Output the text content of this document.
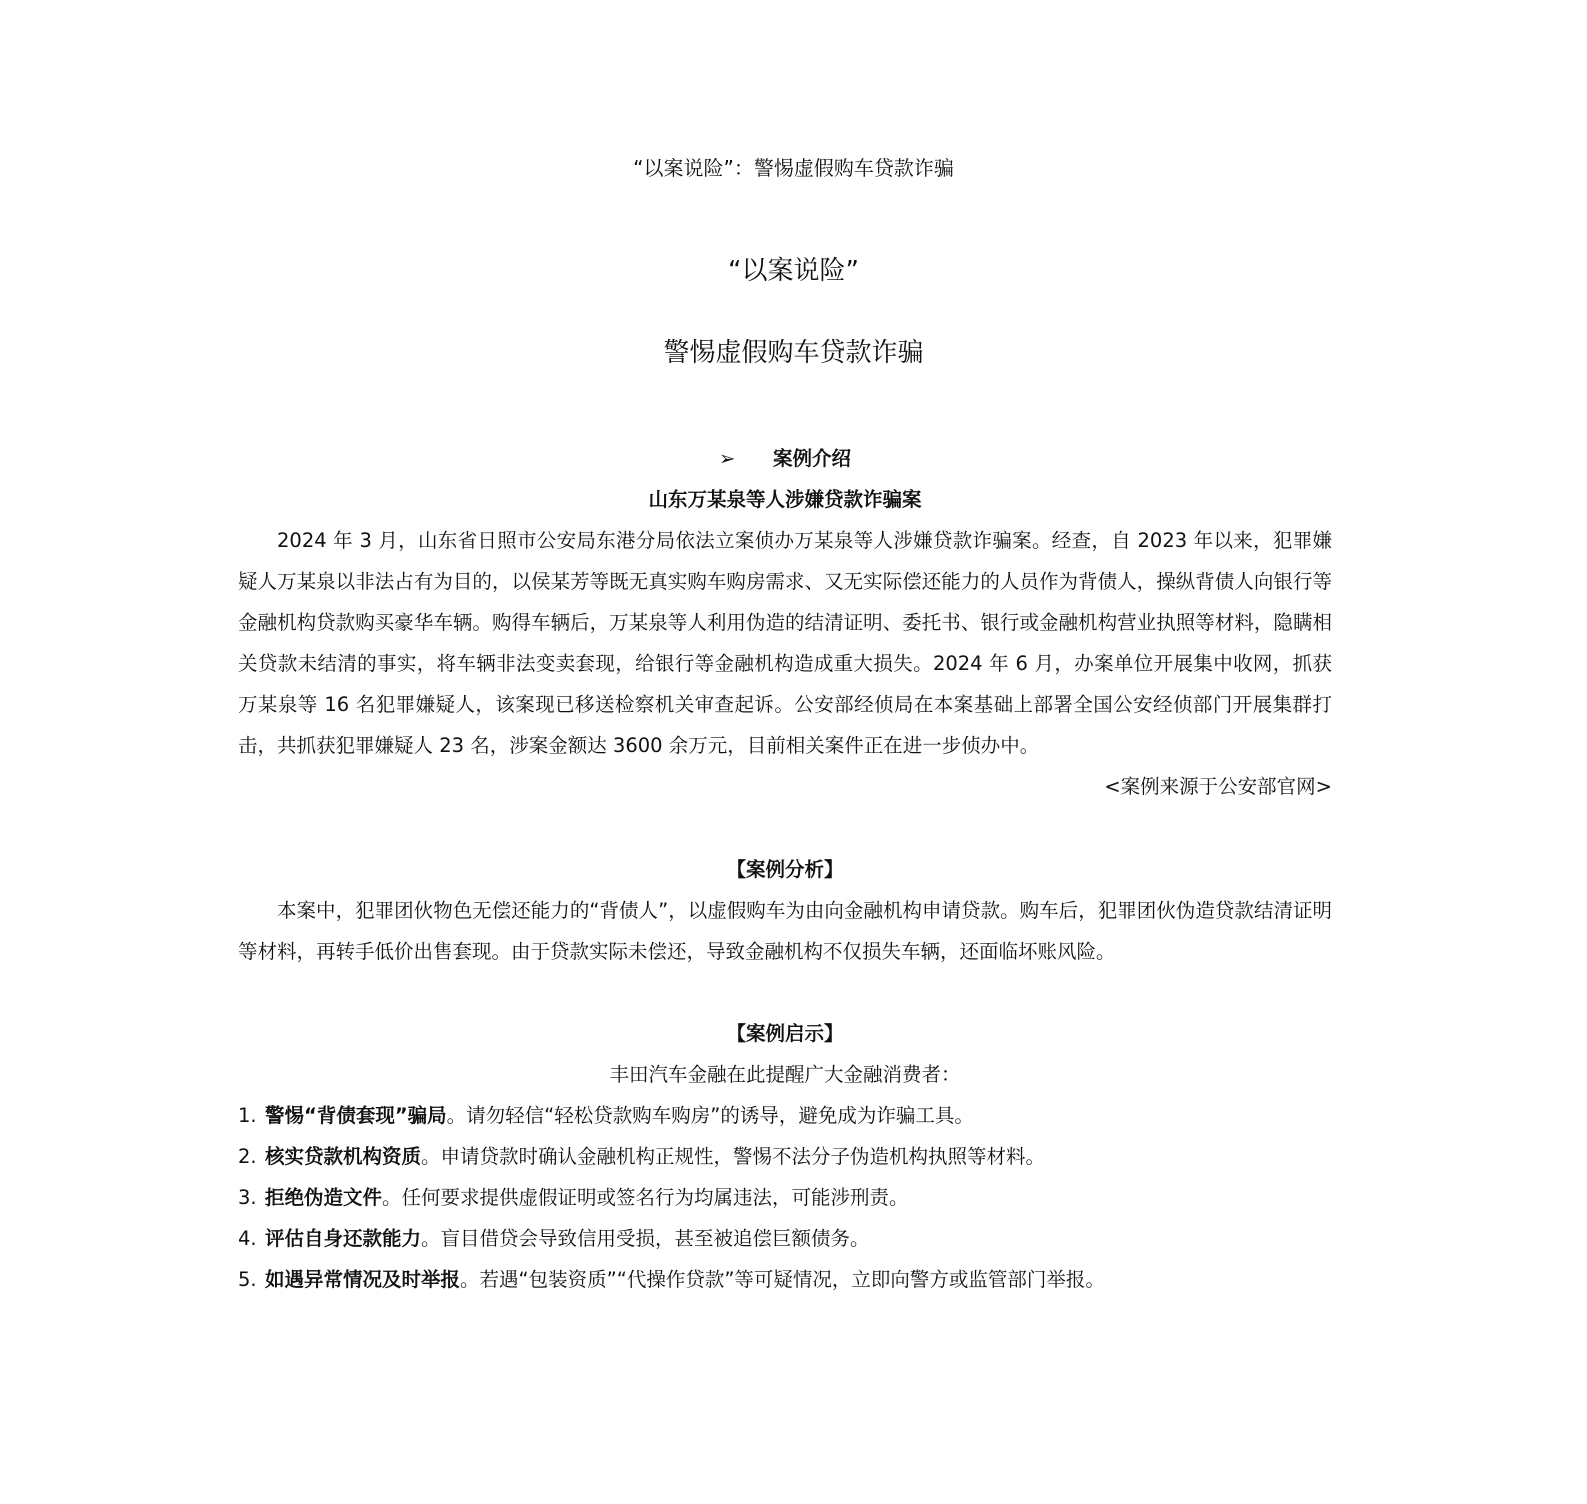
“以案说险”：警惕虚假购车贷款诈骗
“以案说险”
警惕虚假购车贷款诈骗
➢ 案例介绍
山东万某泉等人涉嫌贷款诈骗案

2024 年 3 月，山东省日照市公安局东港分局依法立案侦办万某泉等人涉嫌贷款诈骗案。经查，自 2023 年以来，犯罪嫌疑人万某泉以非法占有为目的，以侯某芳等既无真实购车购房需求、又无实际偿还能力的人员作为背债人，操纵背债人向银行等金融机构贷款购买豪华车辆。购得车辆后，万某泉等人利用伪造的结清证明、委托书、银行或金融机构营业执照等材料，隐瞒相关贷款未结清的事实，将车辆非法变卖套现，给银行等金融机构造成重大损失。2024 年 6 月，办案单位开展集中收网，抓获万某泉等 16 名犯罪嫌疑人，该案现已移送检察机关审查起诉。公安部经侦局在本案基础上部署全国公安经侦部门开展集群打击，共抓获犯罪嫌疑人 23 名，涉案金额达 3600 余万元，目前相关案件正在进一步侦办中。

<案例来源于公安部官网>
【案例分析】

本案中，犯罪团伙物色无偿还能力的“背债人”，以虚假购车为由向金融机构申请贷款。购车后，犯罪团伙伪造贷款结清证明等材料，再转手低价出售套现。由于贷款实际未偿还，导致金融机构不仅损失车辆，还面临坏账风险。

【案例启示】
丰田汽车金融在此提醒广大金融消费者：

1. 警惕“背债套现”骗局。请勿轻信“轻松贷款购车购房”的诱导，避免成为诈骗工具。

2. 核实贷款机构资质。申请贷款时确认金融机构正规性，警惕不法分子伪造机构执照等材料。

3. 拒绝伪造文件。任何要求提供虚假证明或签名行为均属违法，可能涉刑责。

4. 评估自身还款能力。盲目借贷会导致信用受损，甚至被追偿巨额债务。

5. 如遇异常情况及时举报。若遇“包装资质”“代操作贷款”等可疑情况，立即向警方或监管部门举报。
